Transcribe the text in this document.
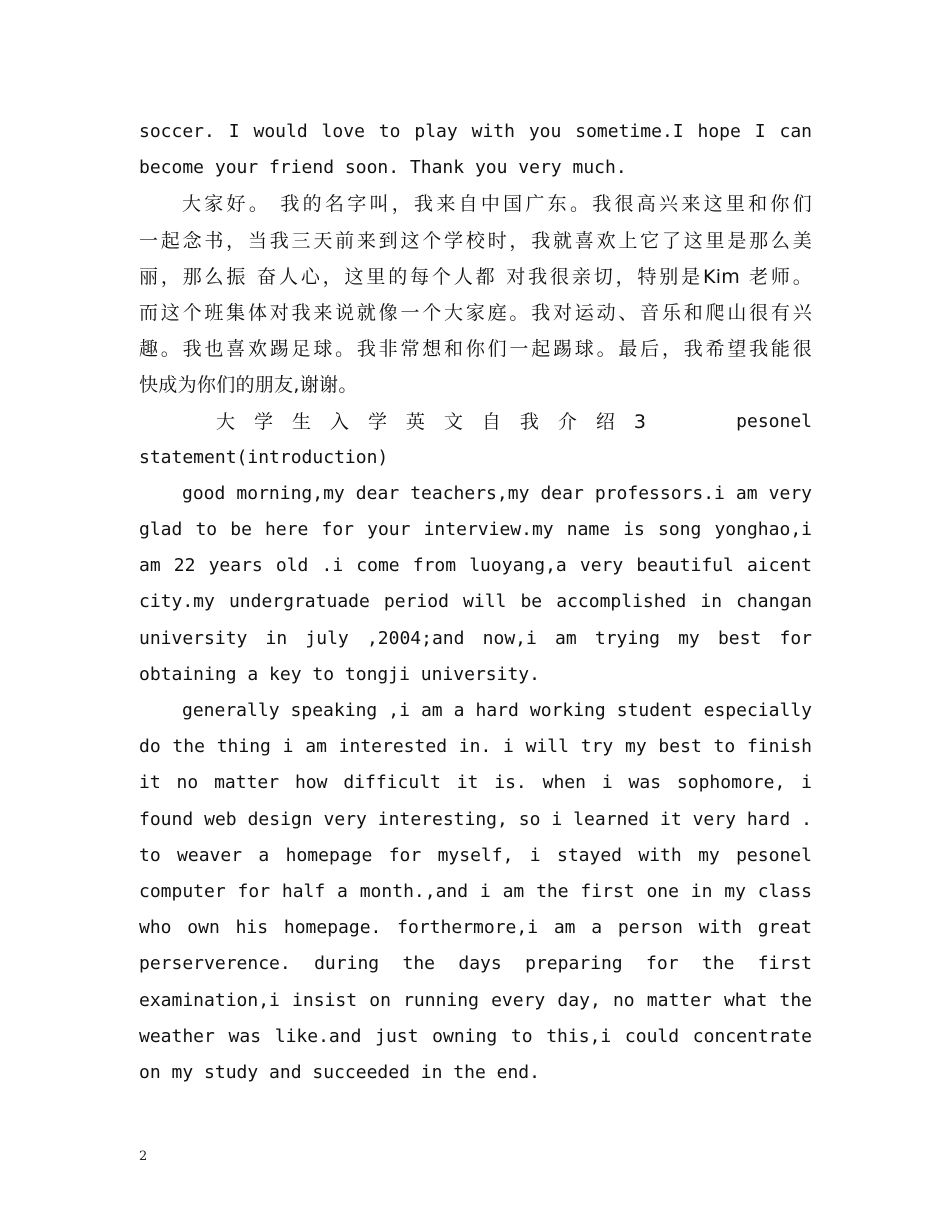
soccer. I would love to play with you sometime.I hope I can
become your friend soon. Thank you very much.
大家好。 我的名字叫，我来自中国广东。我很高兴来这里和你们
一起念书，当我三天前来到这个学校时，我就喜欢上它了这里是那么美
丽，那么振 奋人心，这里的每个人都 对我很亲切，特别是Kim 老师。
而这个班集体对我来说就像一个大家庭。我对运动、音乐和爬山很有兴
趣。我也喜欢踢足球。我非常想和你们一起踢球。最后，我希望我能很
快成为你们的朋友,谢谢。
大 学 生 入 学 英 文 自 我 介 绍 3	pesonel
statement(introduction)
good morning,my dear teachers,my dear professors.i am very
glad to be here for your interview.my name is song yonghao,i
am 22 years old .i come from luoyang,a very beautiful aicent
city.my undergratuade period will be accomplished in changan
university in july ,2004;and now,i am trying my best for
obtaining a key to tongji university.
generally speaking ,i am a hard working student especially
do the thing i am interested in. i will try my best to finish
it no matter how difficult it is. when i was sophomore, i
found web design very interesting, so i learned it very hard .
to weaver a homepage for myself, i stayed with my pesonel
computer for half a month.,and i am the first one in my class
who own his homepage. forthermore,i am a person with great
perserverence. during the days preparing for the first
examination,i insist on running every day, no matter what the
weather was like.and just owning to this,i could concentrate
on my study and succeeded in the end.
2
